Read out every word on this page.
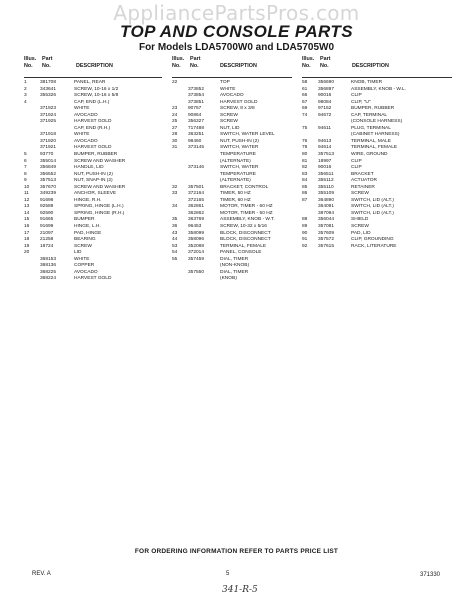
AppliancePartsPros.com
TOP AND CONSOLE PARTS
For Models LDA5700W0 and LDA5705W0
Illus.
No.
Part
No.	DESCRIPTION
1	381708	PANEL, REAR
2	343641	SCREW, 10-16 x 1/2
3	355326	SCREW, 10-16 x 5/8
4	CAP, END (L.H.)
371923	WHITE
371924	AVOCADO
371925	HARVEST GOLD
CAP, END (R.H.)
371918	WHITE
371920	AVOCADO
371921	HARVEST GOLD
5	93770	BUMPER, RUBBER
6	355014	SCREW AND WASHER
7	356849	HANDLE, LID
8	356552	NUT, PUSH-IN (2)
9	357513	NUT, SNAP-IN (2)
10	357670	SCREW AND WASHER
11	349239	ANCHOR, SLEEVE
12	91698	HINGE, R.H.
13	92589	SPRING, HINGE (L.H.)
14	92590	SPRING, HINGE (R.H.)
15	91665	BUMPER
16	91699	HINGE, L.H.
17	21097	PAD, HINGE
18	21258	BEARING
19	18724	SCREW
20	LID
368153	WHITE
368136	COPPER
368225	AVOCADO
368224	HARVEST GOLD
Illus.
No.
Part
No.	DESCRIPTION
22	TOP
373852	WHITE
373854	AVOCADO
373851	HARVEST GOLD
23	90767	SCREW, 8 x 3/8
24	90864	SCREW
25	356327	SCREW
27	717488	NUT, LID
28	363251	SWITCH, WATER LEVEL
30	98460	NUT, PUSH-IN (2)
31	373145	SWITCH, WATER
TEMPERATURE
(ALTERNATE)
373146	SWITCH, WATER
TEMPERATURE
(ALTERNATE)
32	357501	BRACKET, CONTROL
33	372164	TIMER, 50 HZ
372165	TIMER, 60 HZ
34	362861	MOTOR, TIMER - 60 HZ
362862	MOTOR, TIMER - 50 HZ
35	363769	ASSEMBLY, KNOB - W.T.
36	96453	SCREW, 10-32 x 5/16
43	358099	BLOCK, DISCONNECT
44	358096	BLOCK, DISCONNECT
53	352088	TERMINAL, FEMALE
54	372014	PANEL, CONSOLE
55	357459	DIAL, TIMER
(NON-KNOB)
357550	DIAL, TIMER
(KNOB)
Illus.
No.
Part
No.	DESCRIPTION
58	356690	KNOB, TIMER
61	356897	ASSEMBLY, KNOB - W.L.
66	90016	CLIP
67	98084	CLIP, "U"
69	97152	BUMPER, RUBBER
74	94672	CAP, TERMINAL
(CONSOLE HARNESS)
75	94611	PLUG, TERMINAL
(CABINET HARNESS)
76	94613	TERMINAL, MALE
78	94614	TERMINAL, FEMALE
80	357513	WIRE, GROUND
81	18997	CLIP
82	90016	CLIP
83	356511	BRACKET
84	355112	ACTUATOR
85	355110	RETAINER
86	355109	SCREW
87	364890	SWITCH, LID (ALT.)
364091	SWITCH, LID (ALT.)
387094	SWITCH, LID (ALT.)
88	356044	SHIELD
89	357081	SCREW
90	357609	PAD, LID
91	357572	CLIP, GROUNDING
92	357615	RACK, LITERATURE
FOR ORDERING INFORMATION REFER TO PARTS PRICE LIST
REV. A	5	371330
341-R-5
